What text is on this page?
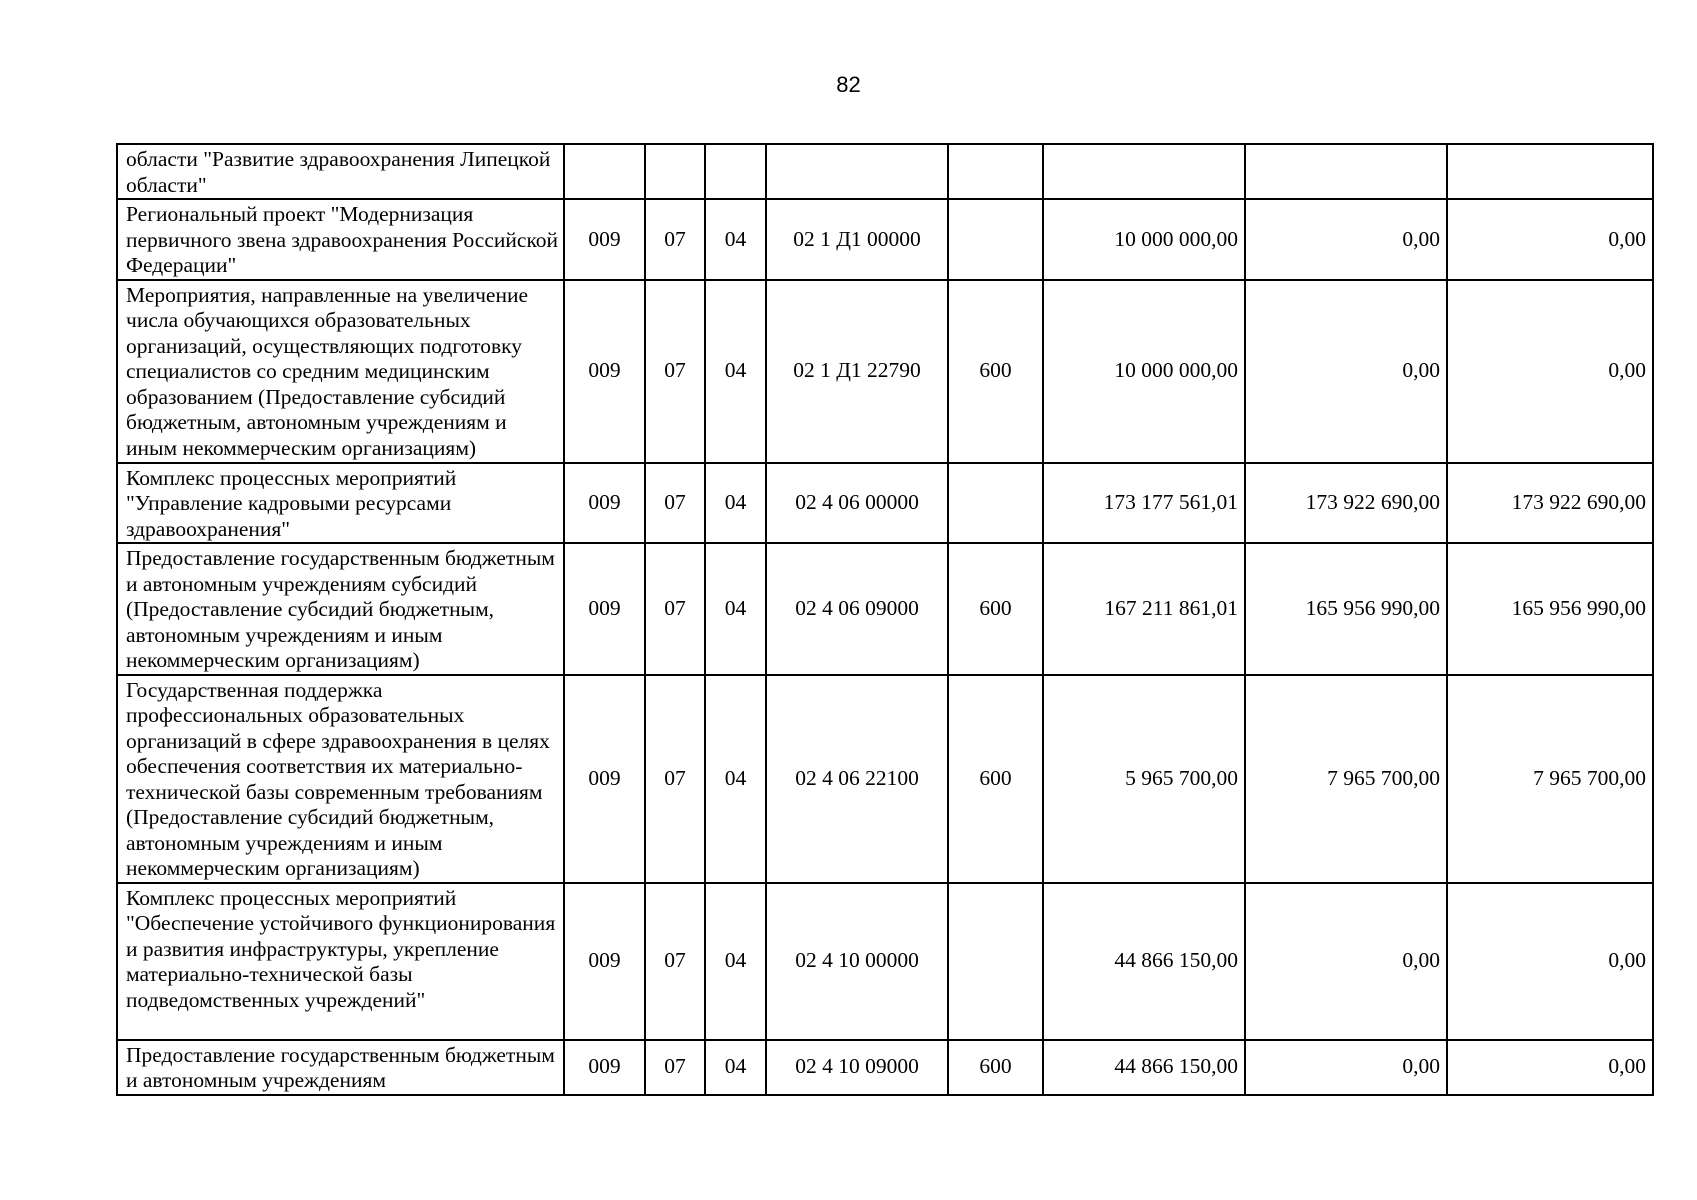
82
области "Развитие здравоохранения Липецкой области"								
Региональный проект "Модернизация первичного звена здравоохранения Российской Федерации"	009	07	04	02 1 Д1 00000		10 000 000,00	0,00	0,00
Мероприятия, направленные на увеличение числа обучающихся образовательных организаций, осуществляющих подготовку специалистов со средним медицинским образованием (Предоставление субсидий бюджетным, автономным учреждениям и иным некоммерческим организациям)	009	07	04	02 1 Д1 22790	600	10 000 000,00	0,00	0,00
Комплекс процессных мероприятий "Управление кадровыми ресурсами здравоохранения"	009	07	04	02 4 06 00000		173 177 561,01	173 922 690,00	173 922 690,00
Предоставление государственным бюджетным и автономным учреждениям субсидий (Предоставление субсидий бюджетным, автономным учреждениям и иным некоммерческим организациям)	009	07	04	02 4 06 09000	600	167 211 861,01	165 956 990,00	165 956 990,00
Государственная поддержка профессиональных образовательных организаций в сфере здравоохранения в целях обеспечения соответствия их материально-технической базы современным требованиям (Предоставление субсидий бюджетным, автономным учреждениям и иным некоммерческим организациям)	009	07	04	02 4 06 22100	600	5 965 700,00	7 965 700,00	7 965 700,00
Комплекс процессных мероприятий "Обеспечение устойчивого функционирования и развития инфраструктуры, укрепление материально-технической базы подведомственных учреждений"	009	07	04	02 4 10 00000		44 866 150,00	0,00	0,00
Предоставление государственным бюджетным и автономным учреждениям	009	07	04	02 4 10 09000	600	44 866 150,00	0,00	0,00
